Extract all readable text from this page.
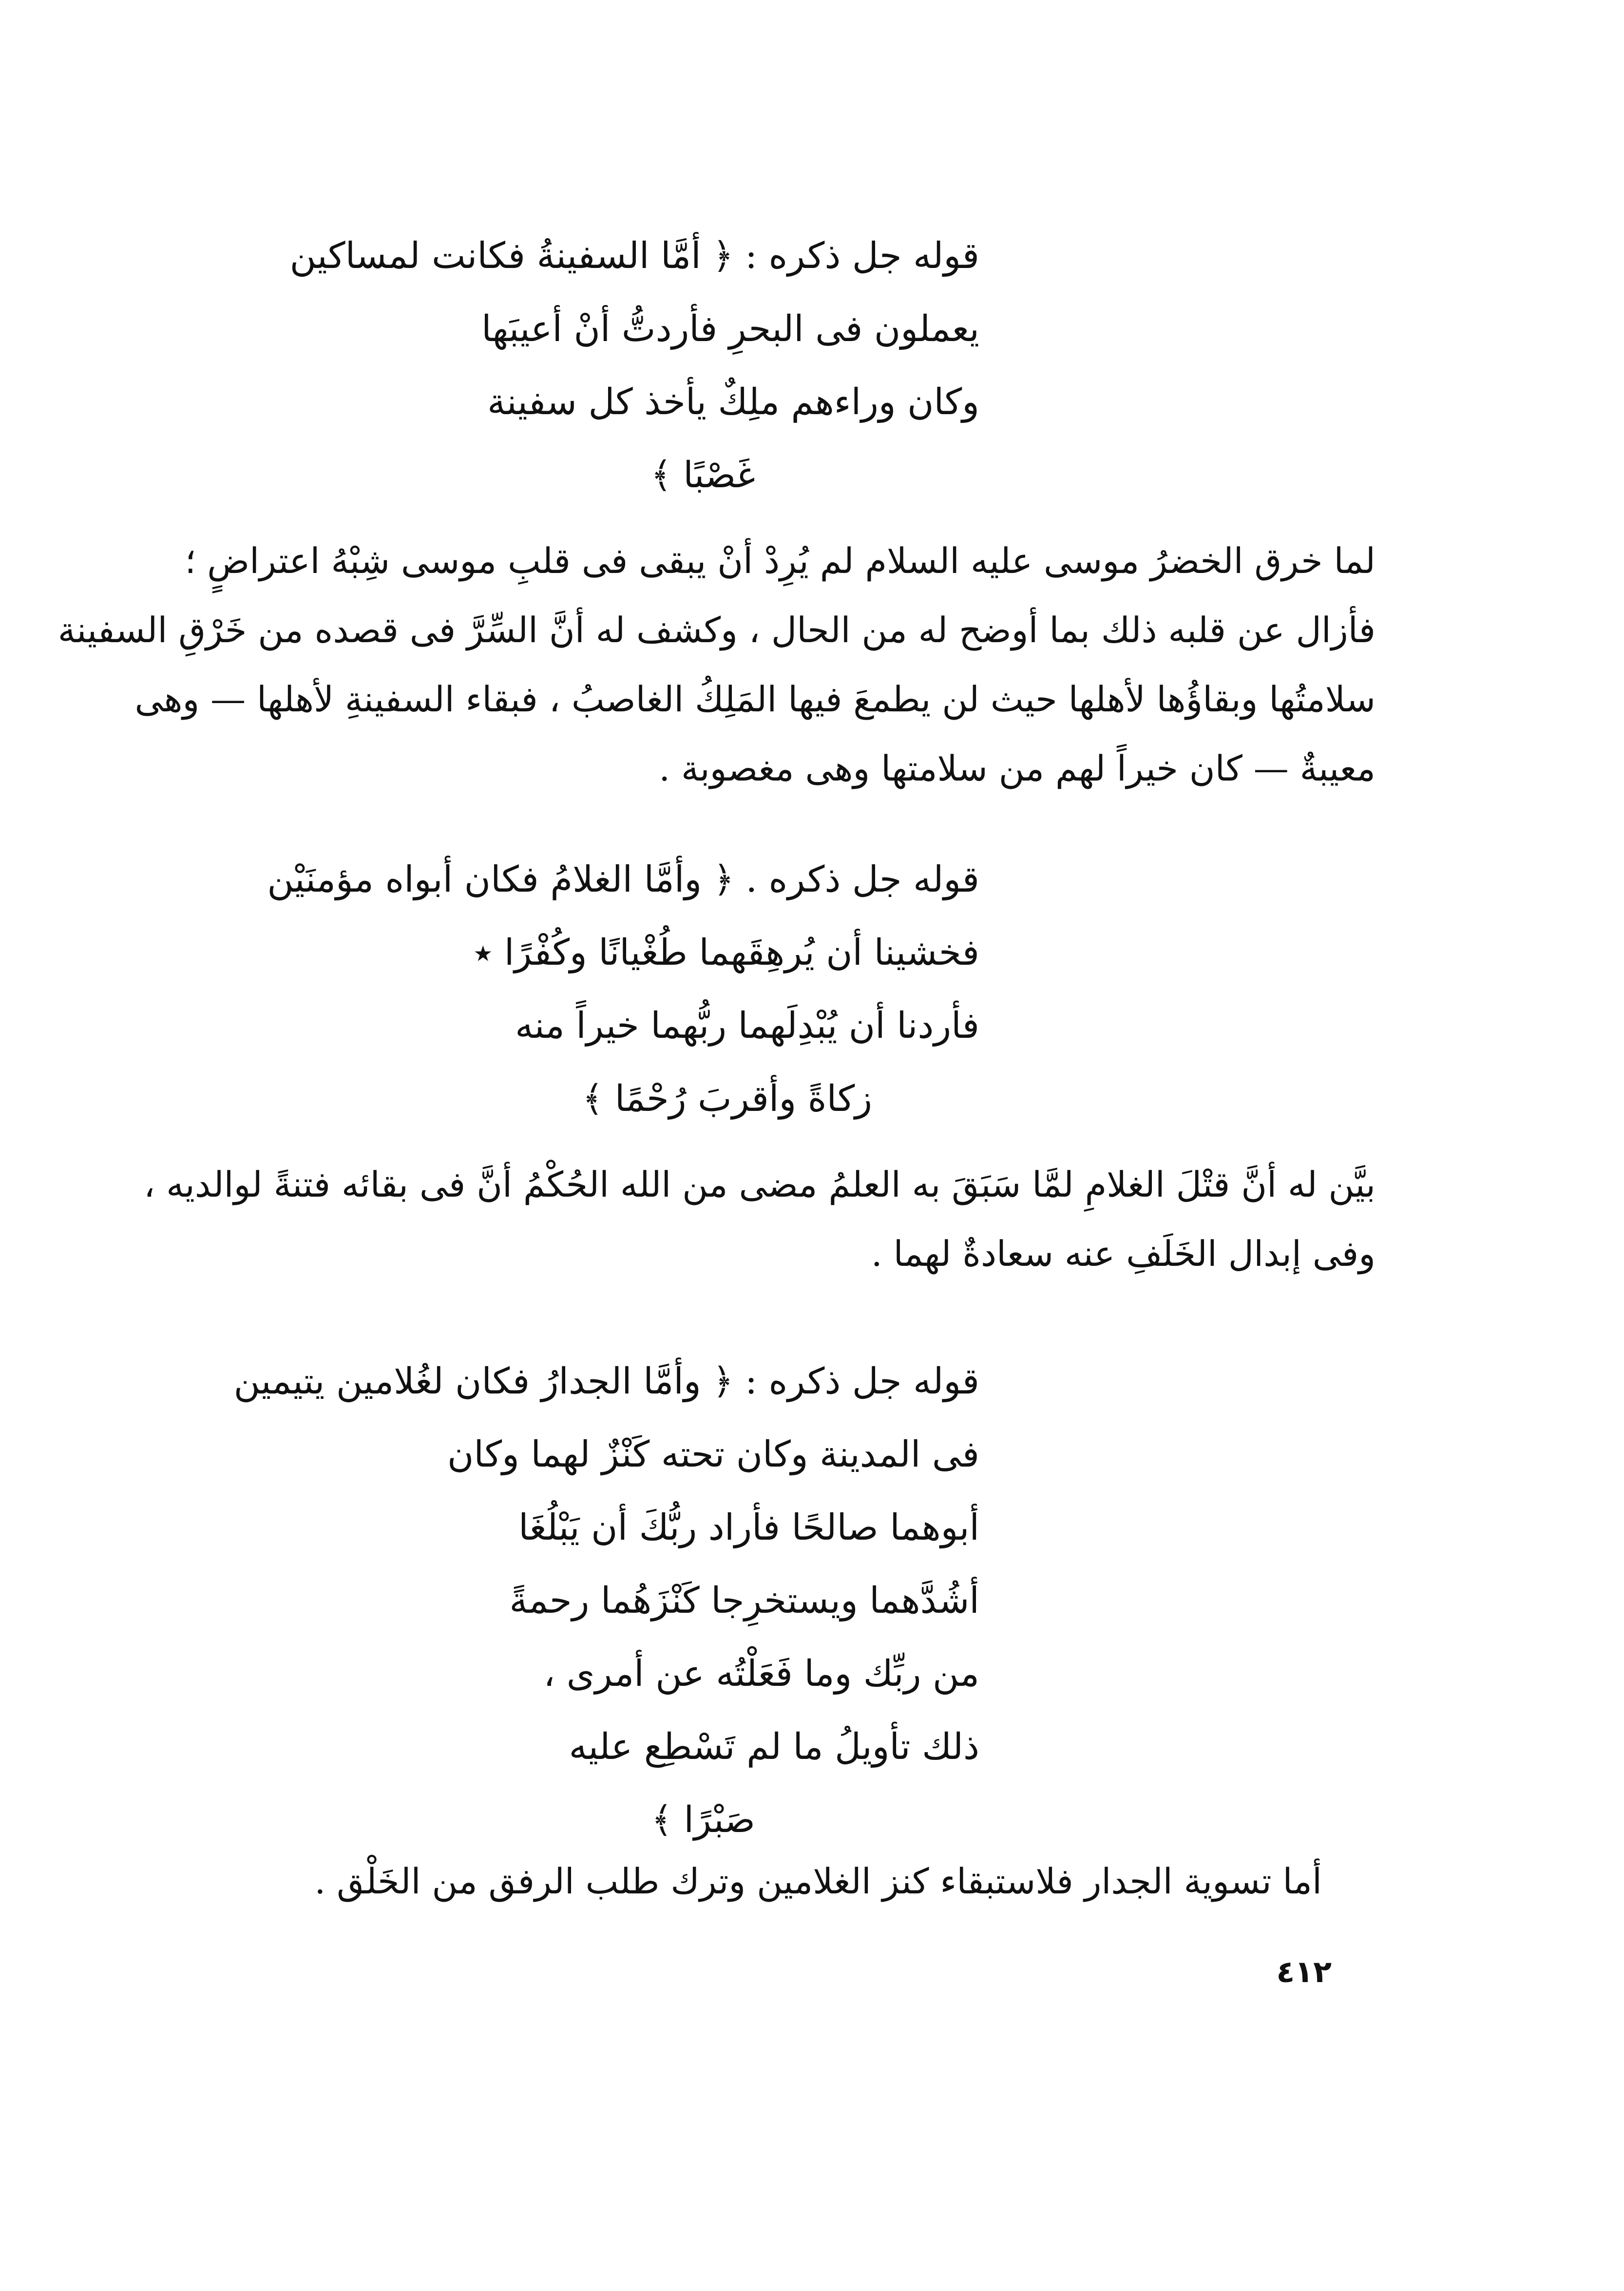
قوله جل ذكره : ﴿ أمَّا السفينةُ فكانت لمساكين
يعملون فى البحرِ فأردتُّ أنْ أعيبَها
وكان وراءهم ملِكٌ يأخذ كل سفينة
غَصْبًا ﴾
لما خرق الخضرُ موسى عليه السلام لم يُرِدْ أنْ يبقى فى قلبِ موسى شِبْهُ اعتراضٍ ؛
فأزال عن قلبه ذلك بما أوضح له من الحال ، وكشف له أنَّ السِّرَّ فى قصده من خَرْقِ السفينة
سلامتُها وبقاؤُها لأهلها حيث لن يطمعَ فيها المَلِكُ الغاصبُ ، فبقاء السفينةِ لأهلها — وهى
معيبةٌ — كان خيراً لهم من سلامتها وهى مغصوبة .
قوله جل ذكره . ﴿ وأمَّا الغلامُ فكان أبواه مؤمنَيْن
فخشينا أن يُرهِقَهما طُغْيانًا وكُفْرًا ٭
فأردنا أن يُبْدِلَهما ربُّهما خيراً منه
زكاةً وأقربَ رُحْمًا ﴾
بيَّن له أنَّ قتْلَ الغلامِ لمَّا سَبَقَ به العلمُ مضى من الله الحُكْمُ أنَّ فى بقائه فتنةً لوالديه ،
وفى إبدال الخَلَفِ عنه سعادةٌ لهما .
قوله جل ذكره : ﴿ وأمَّا الجدارُ فكان لغُلامين يتيمين
فى المدينة وكان تحته كَنْزٌ لهما وكان
أبوهما صالحًا فأراد ربُّكَ أن يَبْلُغَا
أشُدَّهما ويستخرِجا كَنْزَهُما رحمةً
من ربِّك وما فَعَلْتُه عن أمرى ،
ذلك تأويلُ ما لم تَسْطِع عليه
صَبْرًا ﴾
أما تسوية الجدار فلاستبقاء كنز الغلامين وترك طلب الرفق من الخَلْق .
٤١٢
